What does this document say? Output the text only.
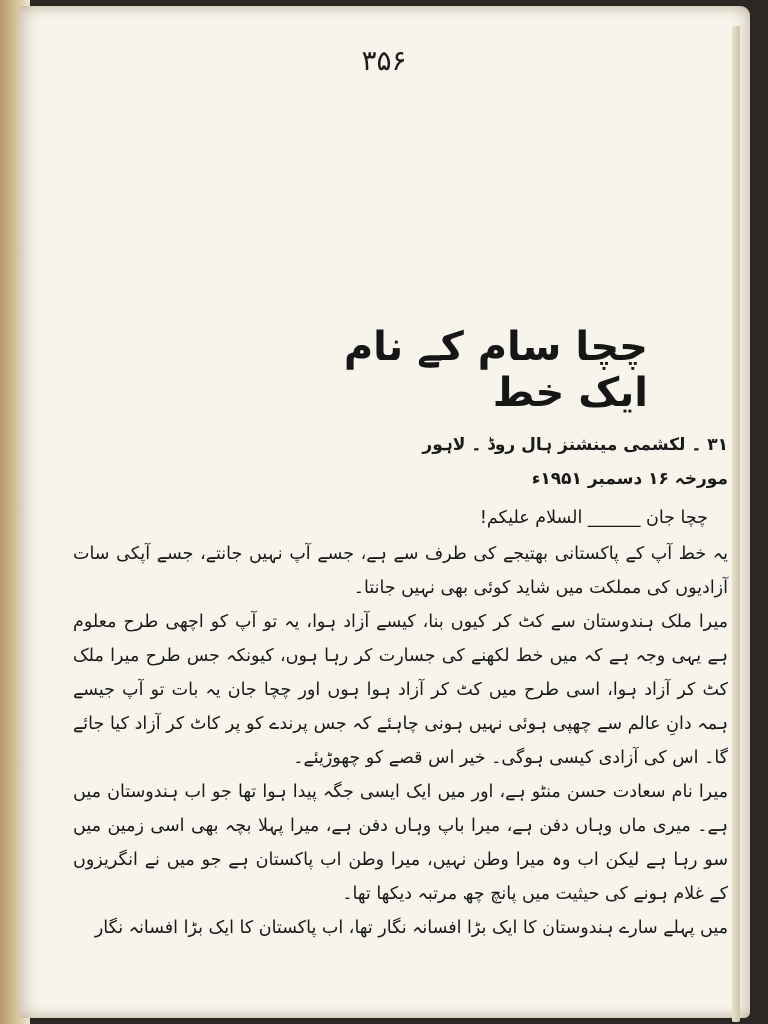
۳۵۶
چچا سام کے نام ایک خط
۳۱ ۔ لکشمی مینشنز ہال روڈ ۔ لاہور
مورخہ ۱۶ دسمبر ۱۹۵۱ء

چچا جان ______ السلام علیکم!

یہ خط آپ کے پاکستانی بھتیجے کی طرف سے ہے، جسے آپ نہیں جانتے، جسے آپکی سات آزادیوں کی مملکت میں شاید کوئی بھی نہیں جانتا۔

میرا ملک ہندوستان سے کٹ کر کیوں بنا، کیسے آزاد ہوا، یہ تو آپ کو اچھی طرح معلوم ہے یہی وجہ ہے کہ میں خط لکھنے کی جسارت کر رہا ہوں، کیونکہ جس طرح میرا ملک کٹ کر آزاد ہوا، اسی طرح میں کٹ کر آزاد ہوا ہوں اور چچا جان یہ بات تو آپ جیسے ہمہ دانِ عالم سے چھپی ہوئی نہیں ہونی چاہئے کہ جس پرندے کو پر کاٹ کر آزاد کیا جائے گا۔ اس کی آزادی کیسی ہوگی۔ خیر اس قصے کو چھوڑیئے۔

میرا نام سعادت حسن منٹو ہے، اور میں ایک ایسی جگہ پیدا ہوا تھا جو اب ہندوستان میں ہے۔ میری ماں وہاں دفن ہے، میرا باپ وہاں دفن ہے، میرا پہلا بچہ بھی اسی زمین میں سو رہا ہے لیکن اب وہ میرا وطن نہیں، میرا وطن اب پاکستان ہے جو میں نے انگریزوں کے غلام ہونے کی حیثیت میں پانچ چھ مرتبہ دیکھا تھا۔

میں پہلے سارے ہندوستان کا ایک بڑا افسانہ نگار تھا، اب پاکستان کا ایک بڑا افسانہ نگار
